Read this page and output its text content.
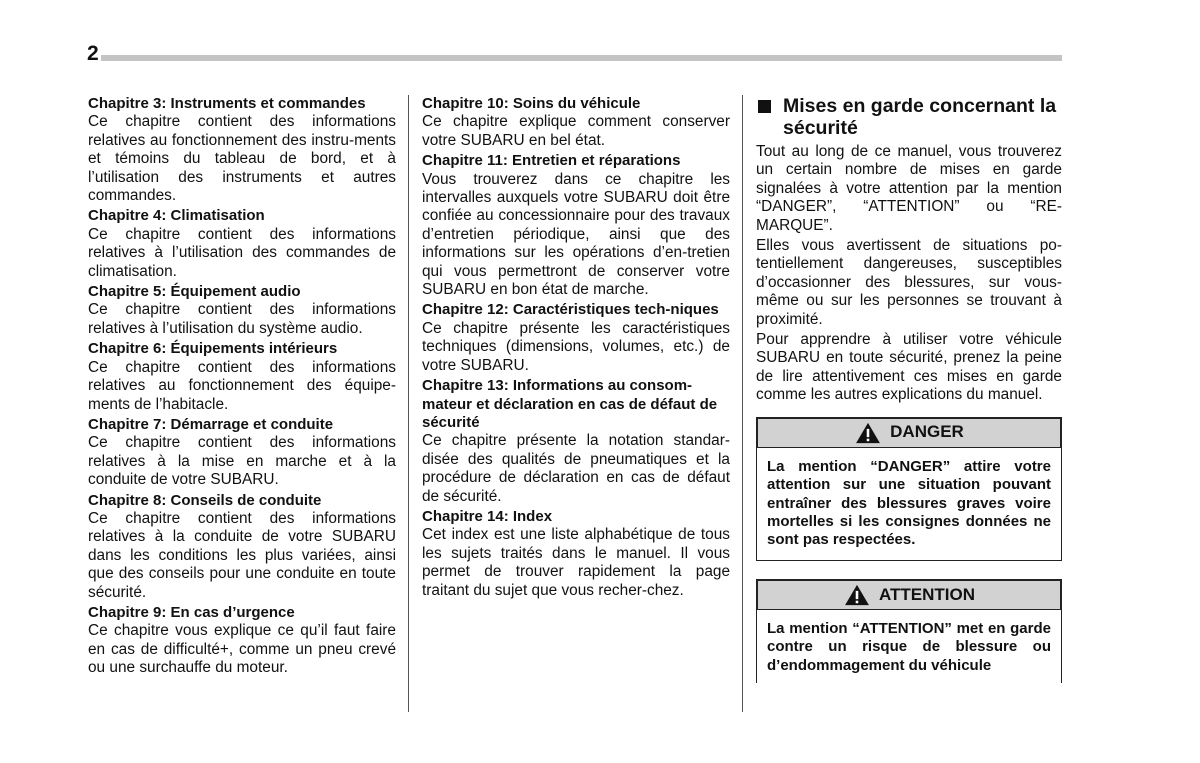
2

Chapitre 3: Instruments et commandes

Ce chapitre contient des informations relatives au fonctionnement des instru-ments et témoins du tableau de bord, et à l’utilisation des instruments et autres commandes.

Chapitre 4: Climatisation

Ce chapitre contient des informations relatives à l’utilisation des commandes de climatisation.

Chapitre 5: Équipement audio

Ce chapitre contient des informations relatives à l’utilisation du système audio.

Chapitre 6: Équipements intérieurs

Ce chapitre contient des informations relatives au fonctionnement des équipe-ments de l’habitacle.

Chapitre 7: Démarrage et conduite

Ce chapitre contient des informations relatives à la mise en marche et à la conduite de votre SUBARU.

Chapitre 8: Conseils de conduite

Ce chapitre contient des informations relatives à la conduite de votre SUBARU dans les conditions les plus variées, ainsi que des conseils pour une conduite en toute sécurité.

Chapitre 9: En cas d’urgence

Ce chapitre vous explique ce qu’il faut faire en cas de difficulté+, comme un pneu crevé ou une surchauffe du moteur.

Chapitre 10: Soins du véhicule

Ce chapitre explique comment conserver votre SUBARU en bel état.

Chapitre 11: Entretien et réparations

Vous trouverez dans ce chapitre les intervalles auxquels votre SUBARU doit être confiée au concessionnaire pour des travaux d’entretien périodique, ainsi que des informations sur les opérations d’en-tretien qui vous permettront de conserver votre SUBARU en bon état de marche.

Chapitre 12: Caractéristiques tech-niques

Ce chapitre présente les caractéristiques techniques (dimensions, volumes, etc.) de votre SUBARU.

Chapitre 13: Informations au consom-mateur et déclaration en cas de défaut de sécurité

Ce chapitre présente la notation standar-disée des qualités de pneumatiques et la procédure de déclaration en cas de défaut de sécurité.

Chapitre 14: Index

Cet index est une liste alphabétique de tous les sujets traités dans le manuel. Il vous permet de trouver rapidement la page traitant du sujet que vous recher-chez.

Mises en garde concernant la sécurité

Tout au long de ce manuel, vous trouverez un certain nombre de mises en garde signalées à votre attention par la mention “DANGER”, “ATTENTION” ou “RE-MARQUE”.

Elles vous avertissent de situations po-tentiellement dangereuses, susceptibles d’occasionner des blessures, sur vous-même ou sur les personnes se trouvant à proximité.

Pour apprendre à utiliser votre véhicule SUBARU en toute sécurité, prenez la peine de lire attentivement ces mises en garde comme les autres explications du manuel.

DANGER

La mention “DANGER” attire votre attention sur une situation pouvant entraîner des blessures graves voire mortelles si les consignes données ne sont pas respectées.

ATTENTION

La mention “ATTENTION” met en garde contre un risque de blessure ou d’endommagement du véhicule
